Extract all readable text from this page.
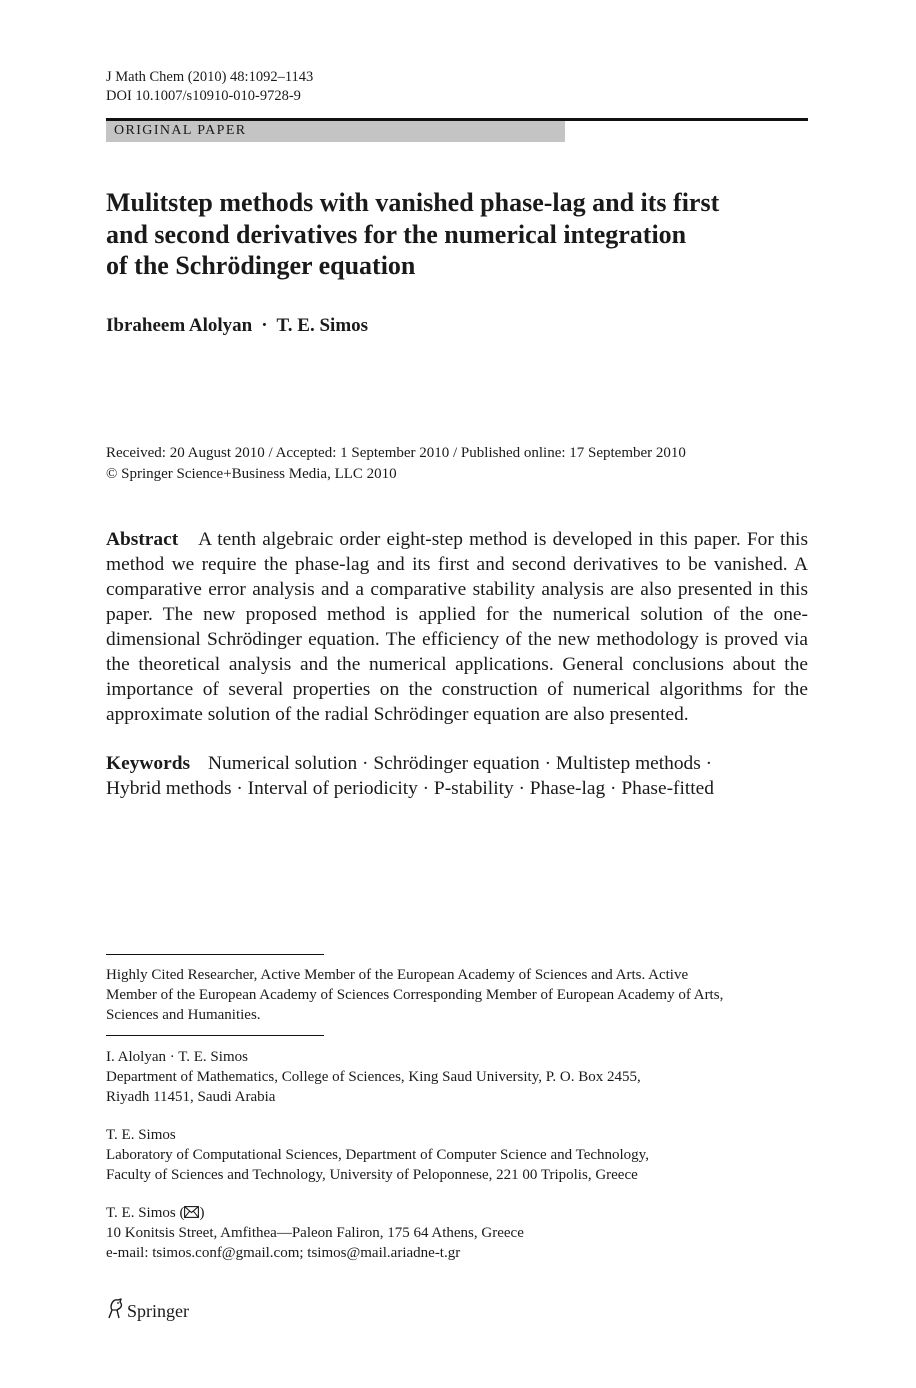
J Math Chem (2010) 48:1092–1143
DOI 10.1007/s10910-010-9728-9
ORIGINAL PAPER
Mulitstep methods with vanished phase-lag and its first
and second derivatives for the numerical integration
of the Schrödinger equation
Ibraheem Alolyan · T. E. Simos
Received: 20 August 2010 / Accepted: 1 September 2010 / Published online: 17 September 2010
© Springer Science+Business Media, LLC 2010
Abstract A tenth algebraic order eight-step method is developed in this paper. For this method we require the phase-lag and its first and second derivatives to be vanished. A comparative error analysis and a comparative stability analysis are also presented in this paper. The new proposed method is applied for the numerical solution of the one-dimensional Schrödinger equation. The efficiency of the new methodology is proved via the theoretical analysis and the numerical applications. General conclusions about the importance of several properties on the construction of numerical algorithms for the approximate solution of the radial Schrödinger equation are also presented.
Keywords Numerical solution · Schrödinger equation · Multistep methods ·
Hybrid methods · Interval of periodicity · P-stability · Phase-lag · Phase-fitted
Highly Cited Researcher, Active Member of the European Academy of Sciences and Arts. Active
Member of the European Academy of Sciences Corresponding Member of European Academy of Arts,
Sciences and Humanities.
I. Alolyan · T. E. Simos
Department of Mathematics, College of Sciences, King Saud University, P. O. Box 2455,
Riyadh 11451, Saudi Arabia
T. E. Simos
Laboratory of Computational Sciences, Department of Computer Science and Technology,
Faculty of Sciences and Technology, University of Peloponnese, 221 00 Tripolis, Greece
T. E. Simos ( )
10 Konitsis Street, Amfithea—Paleon Faliron, 175 64 Athens, Greece
e-mail: tsimos.conf@gmail.com; tsimos@mail.ariadne-t.gr
Springer
